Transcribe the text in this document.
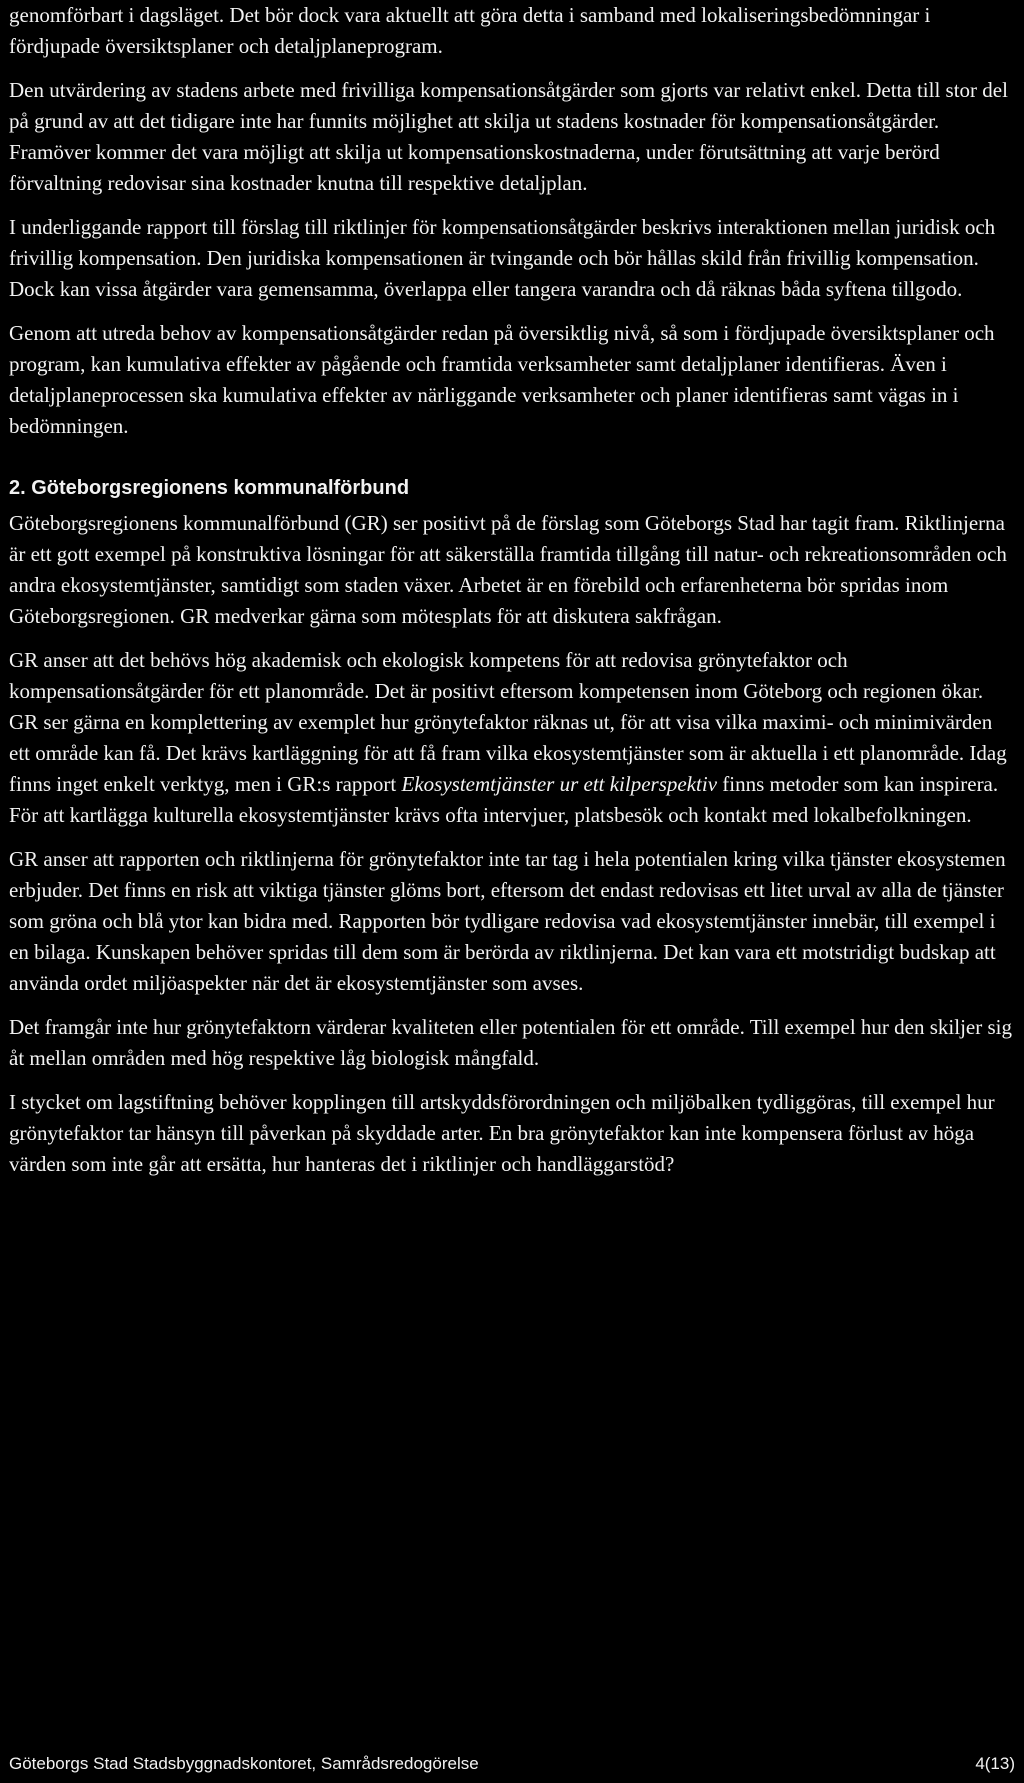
genomförbart i dagsläget. Det bör dock vara aktuellt att göra detta i samband med lokaliseringsbedömningar i fördjupade översiktsplaner och detaljplaneprogram.

Den utvärdering av stadens arbete med frivilliga kompensationsåtgärder som gjorts var relativt enkel. Detta till stor del på grund av att det tidigare inte har funnits möjlighet att skilja ut stadens kostnader för kompensationsåtgärder. Framöver kommer det vara möjligt att skilja ut kompensationskostnaderna, under förutsättning att varje berörd förvaltning redovisar sina kostnader knutna till respektive detaljplan.

I underliggande rapport till förslag till riktlinjer för kompensationsåtgärder beskrivs interaktionen mellan juridisk och frivillig kompensation. Den juridiska kompensationen är tvingande och bör hållas skild från frivillig kompensation. Dock kan vissa åtgärder vara gemensamma, överlappa eller tangera varandra och då räknas båda syftena tillgodo.

Genom att utreda behov av kompensationsåtgärder redan på översiktlig nivå, så som i fördjupade översiktsplaner och program, kan kumulativa effekter av pågående och framtida verksamheter samt detaljplaner identifieras. Även i detaljplaneprocessen ska kumulativa effekter av närliggande verksamheter och planer identifieras samt vägas in i bedömningen.

2. Göteborgsregionens kommunalförbund

Göteborgsregionens kommunalförbund (GR) ser positivt på de förslag som Göteborgs Stad har tagit fram. Riktlinjerna är ett gott exempel på konstruktiva lösningar för att säkerställa framtida tillgång till natur- och rekreationsområden och andra ekosystemtjänster, samtidigt som staden växer. Arbetet är en förebild och erfarenheterna bör spridas inom Göteborgsregionen. GR medverkar gärna som mötesplats för att diskutera sakfrågan.

GR anser att det behövs hög akademisk och ekologisk kompetens för att redovisa grönytefaktor och kompensationsåtgärder för ett planområde. Det är positivt eftersom kompetensen inom Göteborg och regionen ökar. GR ser gärna en komplettering av exemplet hur grönytefaktor räknas ut, för att visa vilka maximi- och minimivärden ett område kan få. Det krävs kartläggning för att få fram vilka ekosystemtjänster som är aktuella i ett planområde. Idag finns inget enkelt verktyg, men i GR:s rapport Ekosystemtjänster ur ett kilperspektiv finns metoder som kan inspirera. För att kartlägga kulturella ekosystemtjänster krävs ofta intervjuer, platsbesök och kontakt med lokalbefolkningen.

GR anser att rapporten och riktlinjerna för grönytefaktor inte tar tag i hela potentialen kring vilka tjänster ekosystemen erbjuder. Det finns en risk att viktiga tjänster glöms bort, eftersom det endast redovisas ett litet urval av alla de tjänster som gröna och blå ytor kan bidra med. Rapporten bör tydligare redovisa vad ekosystemtjänster innebär, till exempel i en bilaga. Kunskapen behöver spridas till dem som är berörda av riktlinjerna. Det kan vara ett motstridigt budskap att använda ordet miljöaspekter när det är ekosystemtjänster som avses.

Det framgår inte hur grönytefaktorn värderar kvaliteten eller potentialen för ett område. Till exempel hur den skiljer sig åt mellan områden med hög respektive låg biologisk mångfald.

I stycket om lagstiftning behöver kopplingen till artskyddsförordningen och miljöbalken tydliggöras, till exempel hur grönytefaktor tar hänsyn till påverkan på skyddade arter. En bra grönytefaktor kan inte kompensera förlust av höga värden som inte går att ersätta, hur hanteras det i riktlinjer och handläggarstöd?

Göteborgs Stad Stadsbyggnadskontoret, Samrådsredogörelse	4(13)
